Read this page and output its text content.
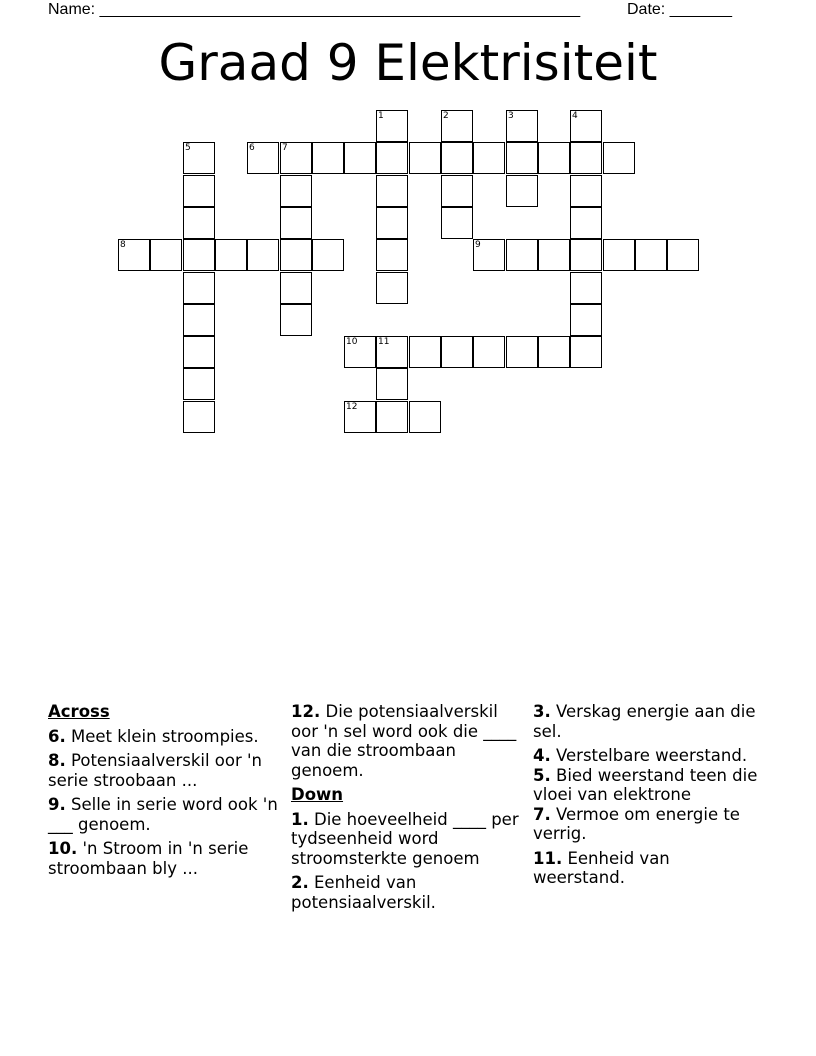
Name: ______________________________________________________	Date: _______
Graad 9 Elektrisiteit
1	2	3	4
5	6	7
8	9
10 11
12
Across
6. Meet klein stroompies.
8. Potensiaalverskil oor 'n serie stroobaan ...
9. Selle in serie word ook 'n ___ genoem.
10. 'n Stroom in 'n serie stroombaan bly ...
12. Die potensiaalverskil oor 'n sel word ook die ____ van die stroombaan genoem.
Down
1. Die hoeveelheid ____ per tydseenheid word stroomsterkte genoem
2. Eenheid van potensiaalverskil.
3. Verskag energie aan die sel.
4. Verstelbare weerstand.
5. Bied weerstand teen die vloei van elektrone
7. Vermoe om energie te verrig.
11. Eenheid van weerstand.
